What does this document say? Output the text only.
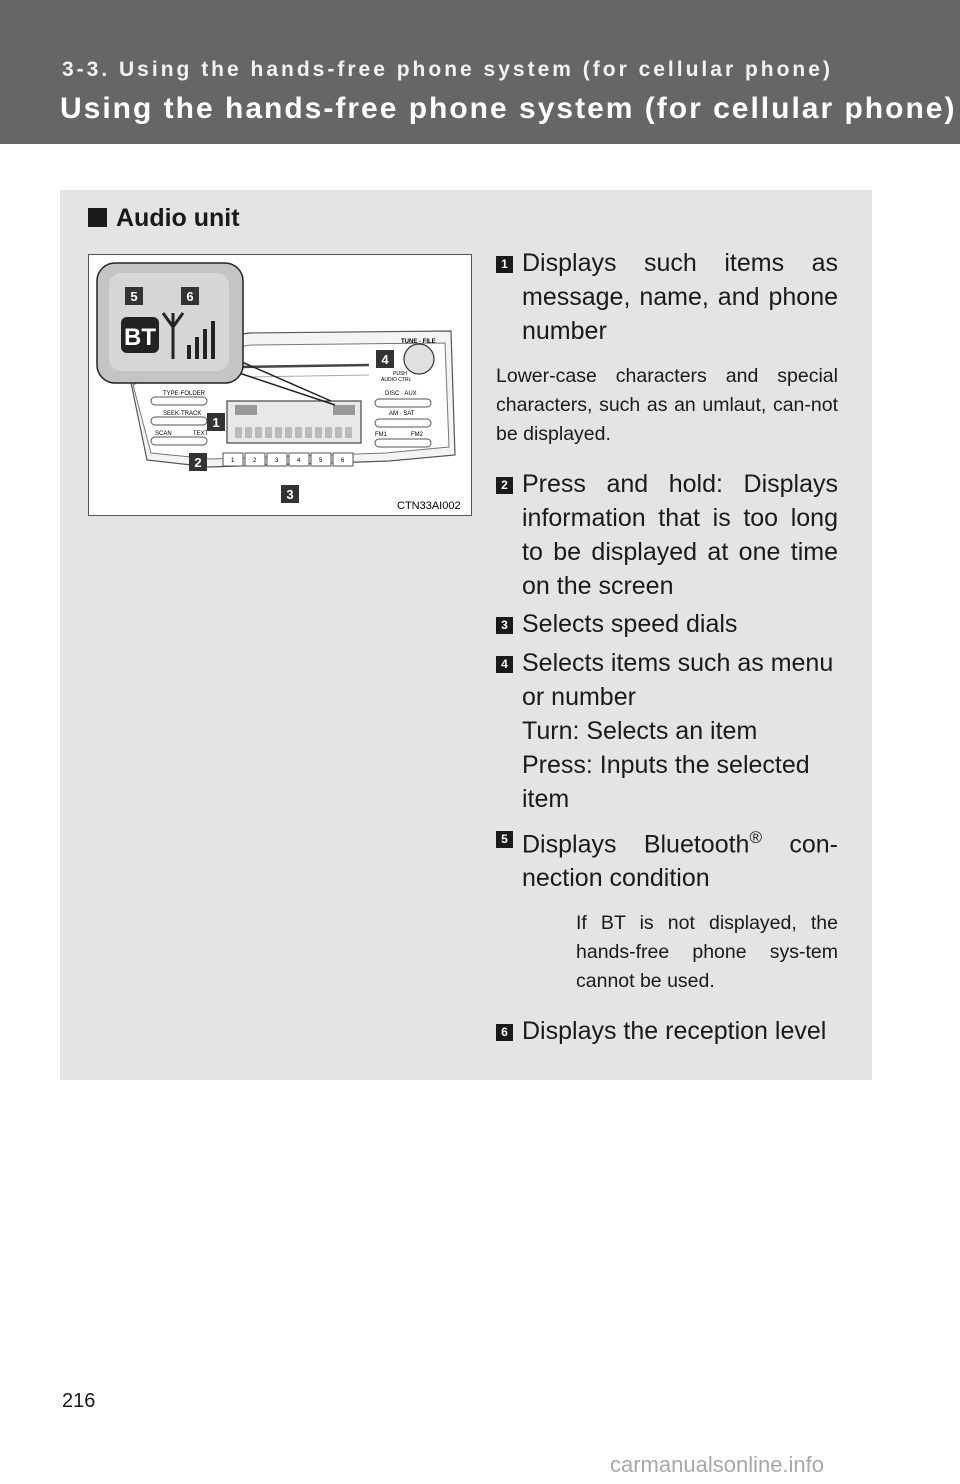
3-3. Using the hands-free phone system (for cellular phone)
Using the hands-free phone system (for cellular phone)
Audio unit
TUNE · FILE
PUSH
AUDIO CTRL
TYPE·FOLDER
SEEK·TRACK
SCAN	TEXT
DISC · AUX
AM · SAT
FM1	FM2
1	2	3	4	5	6
BT
5	6
4
1
2
3
CTN33AI002
1 Displays such items as message, name, and phone number
Lower-case characters and special characters, such as an umlaut, can-not be displayed.
2 Press and hold: Displays information that is too long to be displayed at one time on the screen
3 Selects speed dials
4 Selects items such as menu or number
Turn: Selects an item
Press: Inputs the selected item
5 Displays Bluetooth® con-nection condition
If BT is not displayed, the hands-free phone sys-tem cannot be used.
6 Displays the reception level
216
carmanualsonline.info
